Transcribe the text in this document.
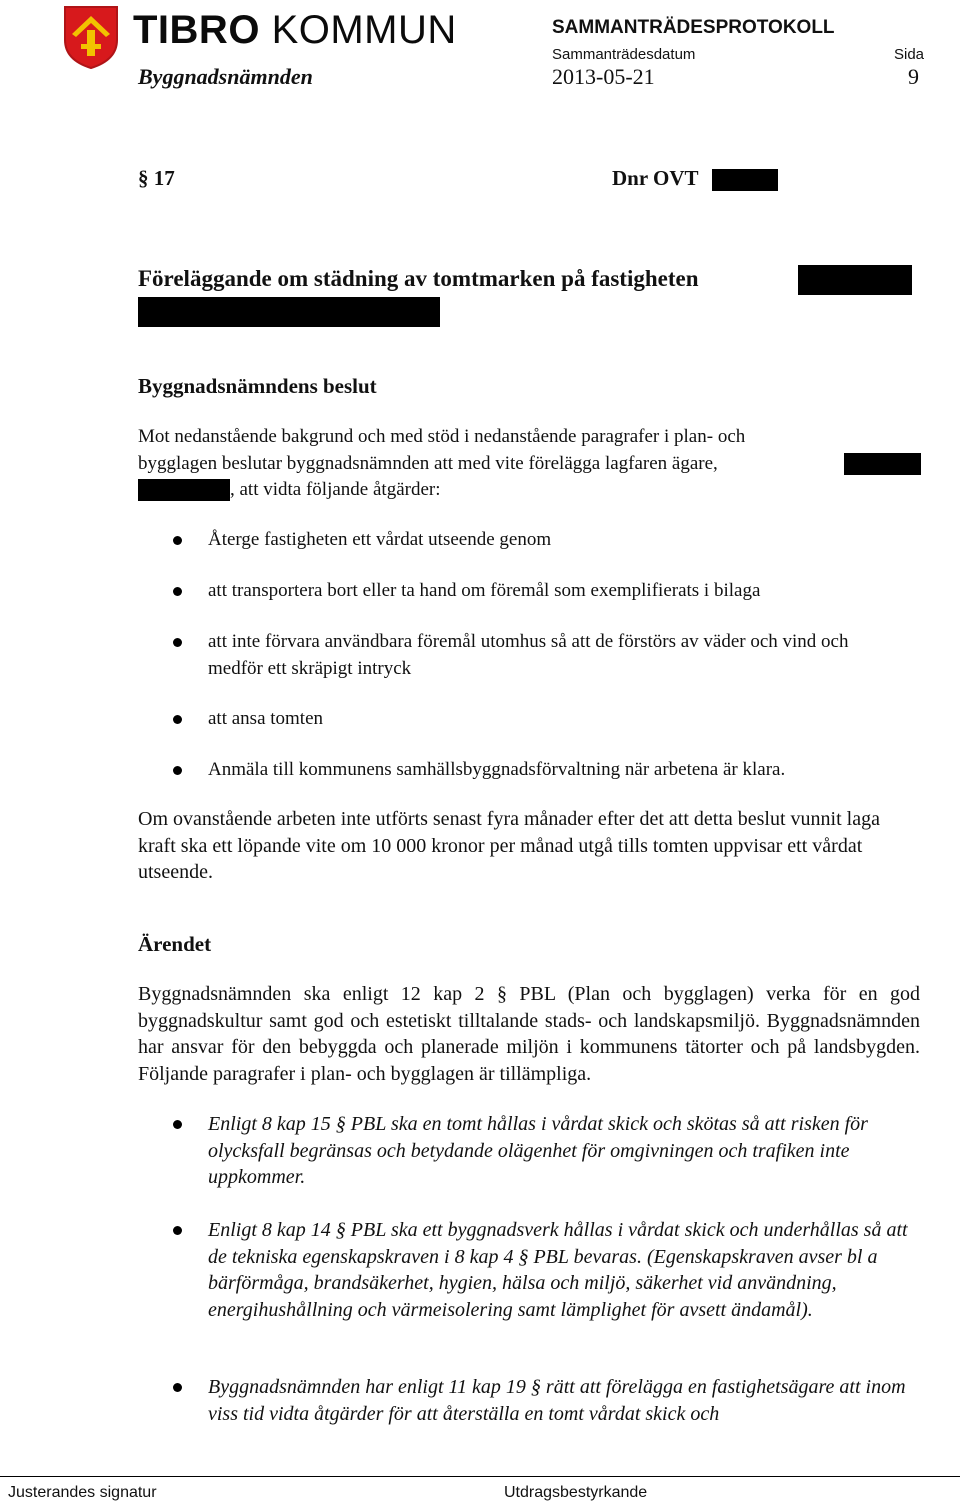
TIBRO KOMMUN	SAMMANTRÄDESPROTOKOLL
Sammanträdesdatum	Sida
Byggnadsnämnden	2013-05-21	9
§ 17	Dnr OVT
Föreläggande om städning av tomtmarken på fastigheten
Byggnadsnämndens beslut
Mot nedanstående bakgrund och med stöd i nedanstående paragrafer i plan- och
bygglagen beslutar byggnadsnämnden att med vite förelägga lagfaren ägare,
, att vidta följande åtgärder:
Återge fastigheten ett vårdat utseende genom
att transportera bort eller ta hand om föremål som exemplifierats i bilaga
att inte förvara användbara föremål utomhus så att de förstörs av väder och vind och medför ett skräpigt intryck
att ansa tomten
Anmäla till kommunens samhällsbyggnadsförvaltning när arbetena är klara.
Om ovanstående arbeten inte utförts senast fyra månader efter det att detta beslut vunnit laga kraft ska ett löpande vite om 10 000 kronor per månad utgå tills tomten uppvisar ett vårdat utseende.
Ärendet
Byggnadsnämnden ska enligt 12 kap 2 § PBL (Plan och bygglagen) verka för en god byggnadskultur samt god och estetiskt tilltalande stads- och landskapsmiljö. Byggnadsnämnden har ansvar för den bebyggda och planerade miljön i kommunens tätorter och på landsbygden. Följande paragrafer i plan- och bygglagen är tillämpliga.
Enligt 8 kap 15 § PBL ska en tomt hållas i vårdat skick och skötas så att risken för olycksfall begränsas och betydande olägenhet för omgivningen och trafiken inte uppkommer.
Enligt 8 kap 14 § PBL ska ett byggnadsverk hållas i vårdat skick och underhållas så att de tekniska egenskapskraven i 8 kap 4 § PBL bevaras. (Egenskapskraven avser bl a bärförmåga, brandsäkerhet, hygien, hälsa och miljö, säkerhet vid användning, energihushållning och värmeisolering samt lämplighet för avsett ändamål).
Byggnadsnämnden har enligt 11 kap 19 § rätt att förelägga en fastighetsägare att inom viss tid vidta åtgärder för att återställa en tomt vårdat skick och
Justerandes signatur	Utdragsbestyrkande
